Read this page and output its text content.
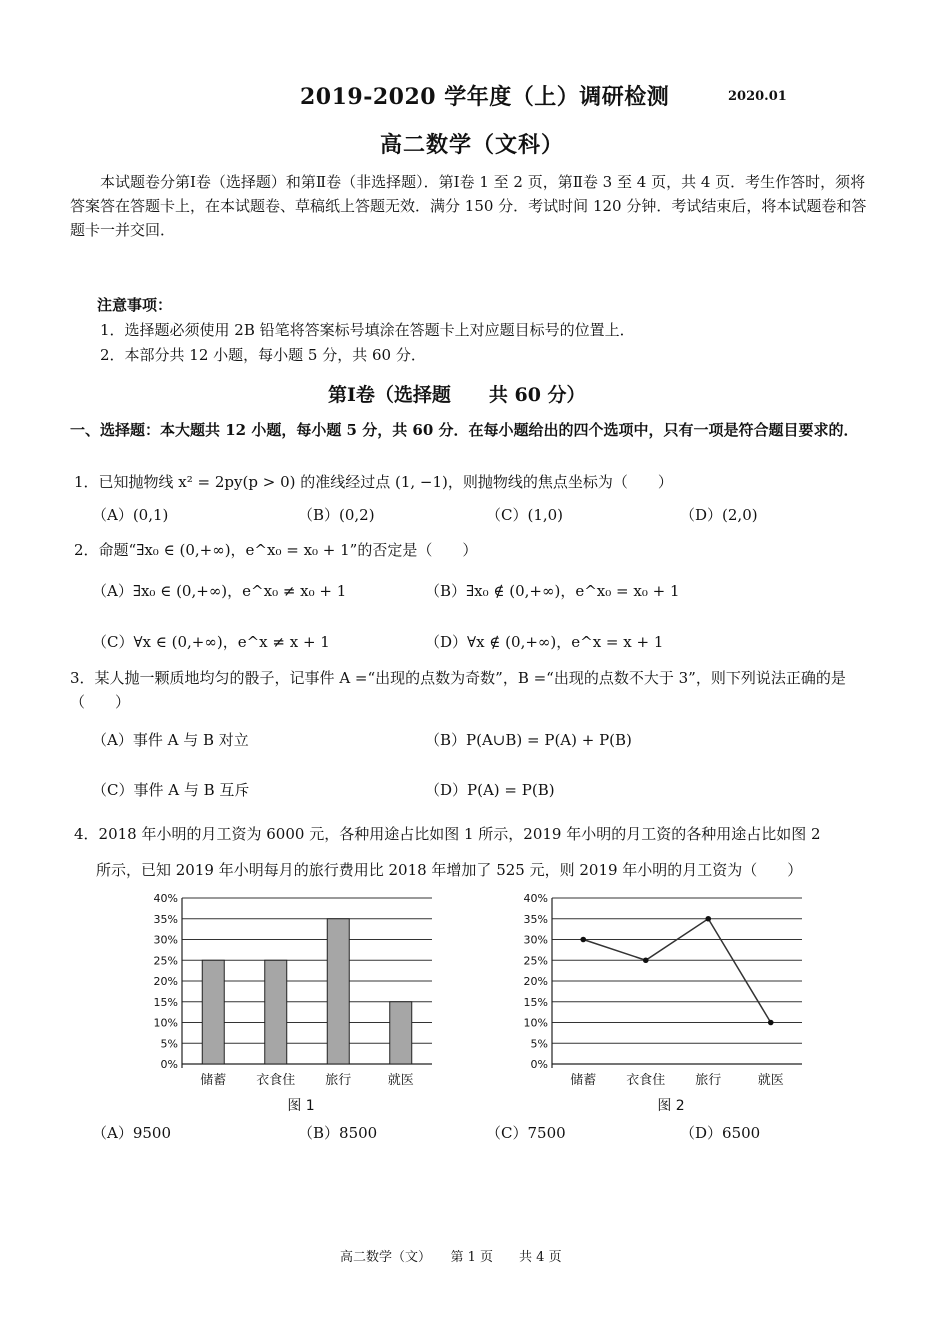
2019-2020 学年度（上）调研检测	2020.01
高二数学（文科）
本试题卷分第Ⅰ卷（选择题）和第Ⅱ卷（非选择题）．第Ⅰ卷 1 至 2 页，第Ⅱ卷 3 至 4 页，共 4 页．考生作答时，须将答案答在答题卡上，在本试题卷、草稿纸上答题无效．满分 150 分．考试时间 120 分钟．考试结束后，将本试题卷和答题卡一并交回．
注意事项：
1．选择题必须使用 2B 铅笔将答案标号填涂在答题卡上对应题目标号的位置上．
2．本部分共 12 小题，每小题 5 分，共 60 分．
第Ⅰ卷（选择题　　共 60 分）
一、选择题：本大题共 12 小题，每小题 5 分，共 60 分．在每小题给出的四个选项中，只有一项是符合题目要求的．
1．已知抛物线 x² = 2py(p > 0) 的准线经过点 (1, −1)，则抛物线的焦点坐标为（　　）
（A）(0,1)	（B）(0,2)	（C）(1,0)	（D）(2,0)
2．命题“∃x₀ ∈ (0,+∞)，e^x₀ = x₀ + 1”的否定是（　　）
（A）∃x₀ ∈ (0,+∞)，e^x₀ ≠ x₀ + 1	（B）∃x₀ ∉ (0,+∞)，e^x₀ = x₀ + 1
（C）∀x ∈ (0,+∞)，e^x ≠ x + 1	（D）∀x ∉ (0,+∞)，e^x = x + 1
3．某人抛一颗质地均匀的骰子，记事件 A =“出现的点数为奇数”，B =“出现的点数不大于 3”，则下列说法正确的是（　　）
（A）事件 A 与 B 对立	（B）P(A∪B) = P(A) + P(B)
（C）事件 A 与 B 互斥	（D）P(A) = P(B)
4．2018 年小明的月工资为 6000 元，各种用途占比如图 1 所示，2019 年小明的月工资的各种用途占比如图 2
所示，已知 2019 年小明每月的旅行费用比 2018 年增加了 525 元，则 2019 年小明的月工资为（　　）
0%
5%
10%
15%
20%
25%
30%
35%
40%
储蓄 衣食住 旅行	就医
图 1
0%
5%
10%
15%
20%
25%
30%
35%
40%
储蓄 衣食住 旅行	就医
图 2
（A）9500	（B）8500	（C）7500	（D）6500
高二数学（文）　　第 1 页　　共 4 页
